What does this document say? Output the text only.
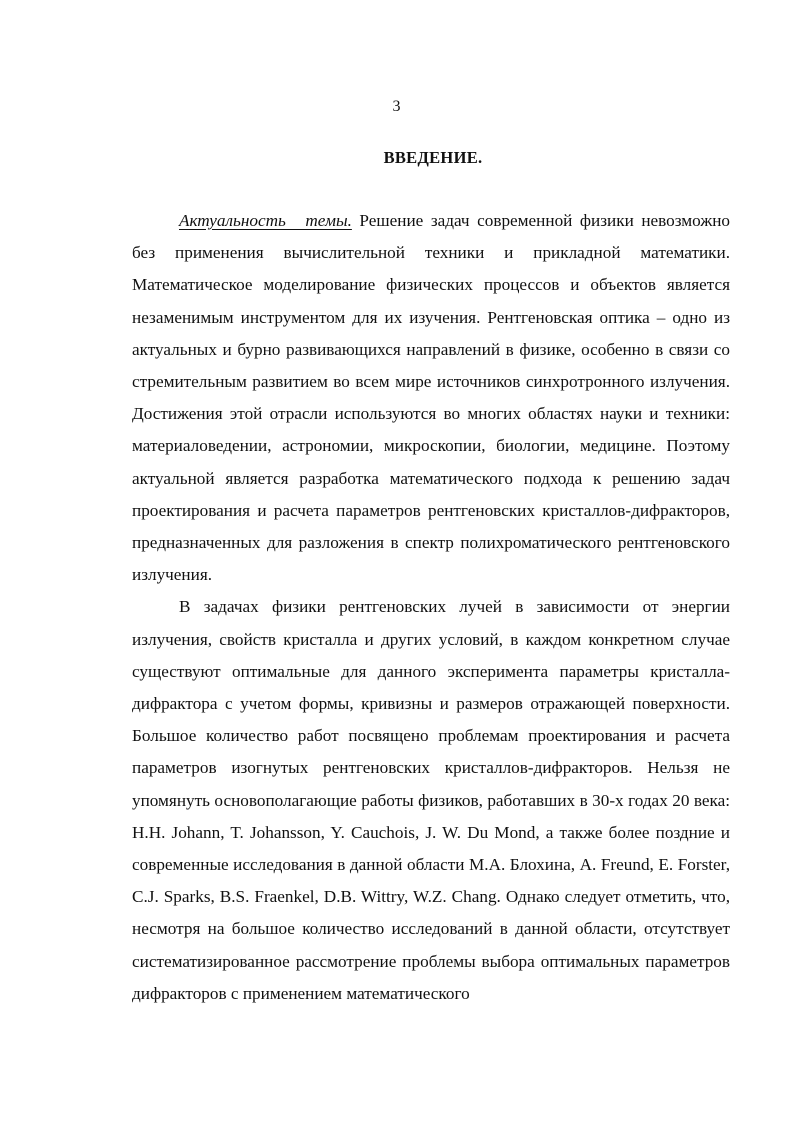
3
ВВЕДЕНИЕ.

Актуальность темы. Решение задач современной физики невозможно без применения вычислительной техники и прикладной математики. Математическое моделирование физических процессов и объектов является незаменимым инструментом для их изучения. Рентгеновская оптика – одно из актуальных и бурно развивающихся направлений в физике, особенно в связи со стремительным развитием во всем мире источников синхротронного излучения. Достижения этой отрасли используются во многих областях науки и техники: материаловедении, астрономии, микроскопии, биологии, медицине. Поэтому актуальной является разработка математического подхода к решению задач проектирования и расчета параметров рентгеновских кристаллов-дифракторов, предназначенных для разложения в спектр полихроматического рентгеновского излучения.

В задачах физики рентгеновских лучей в зависимости от энергии излучения, свойств кристалла и других условий, в каждом конкретном случае существуют оптимальные для данного эксперимента параметры кристалла-дифрактора с учетом формы, кривизны и размеров отражающей поверхности. Большое количество работ посвящено проблемам проектирования и расчета параметров изогнутых рентгеновских кристаллов-дифракторов. Нельзя не упомянуть основополагающие работы физиков, работавших в 30-х годах 20 века: H.H. Johann, T. Johansson, Y. Cauchois, J. W. Du Mond, а также более поздние и современные исследования в данной области М.А. Блохина, A. Freund, E. Forster, C.J. Sparks, B.S. Fraenkel, D.B. Wittry, W.Z. Chang. Однако следует отметить, что, несмотря на большое количество исследований в данной области, отсутствует систематизированное рассмотрение проблемы выбора оптимальных параметров дифракторов с применением математического
